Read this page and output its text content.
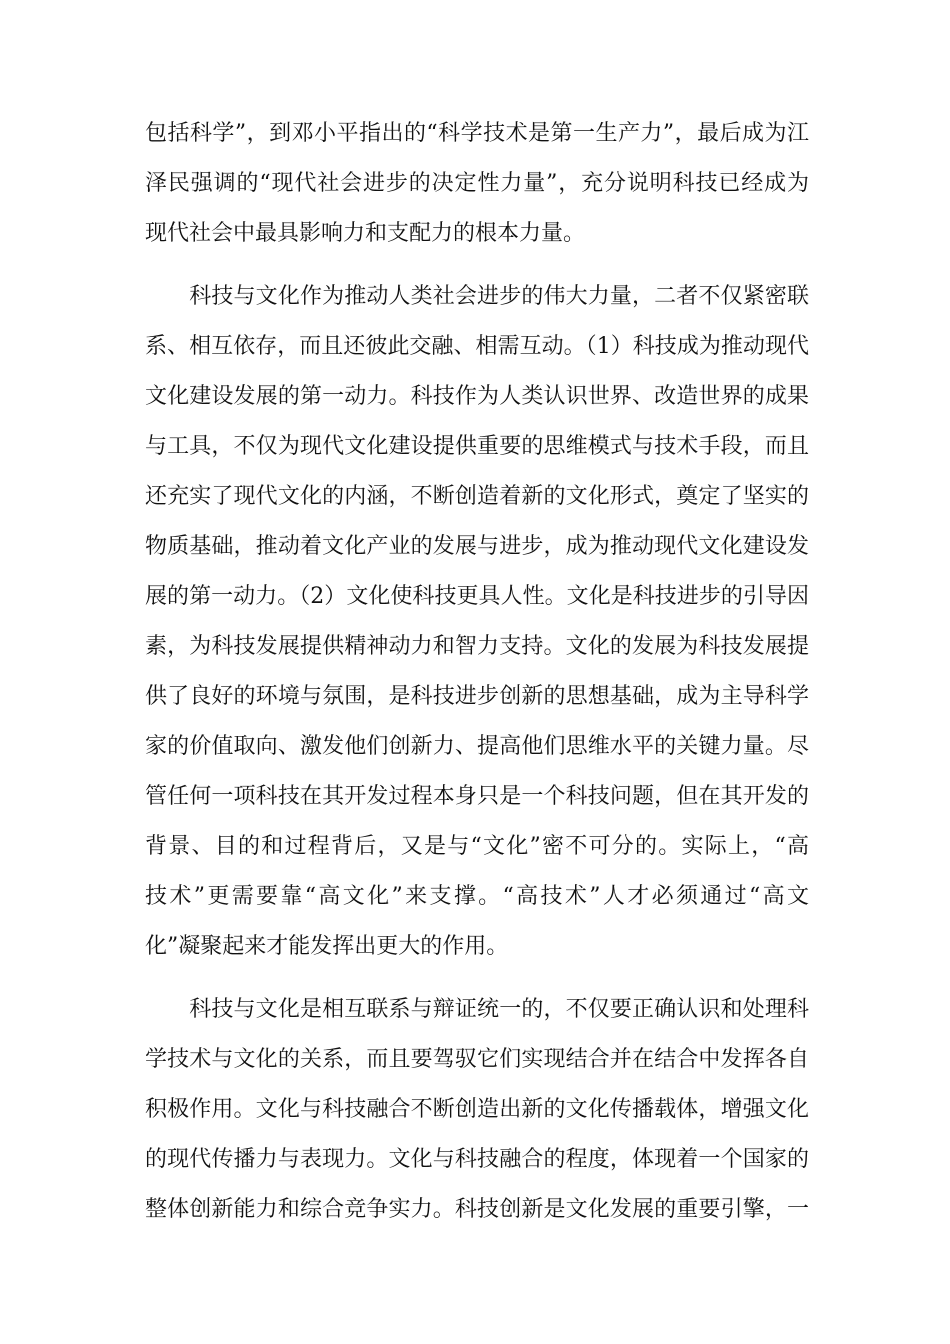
包括科学”，到邓小平指出的“科学技术是第一生产力”，最后成为江
泽民强调的“现代社会进步的决定性力量”，充分说明科技已经成为
现代社会中最具影响力和支配力的根本力量。
　　科技与文化作为推动人类社会进步的伟大力量，二者不仅紧密联
系、相互依存，而且还彼此交融、相需互动。（1）科技成为推动现代
文化建设发展的第一动力。科技作为人类认识世界、改造世界的成果
与工具，不仅为现代文化建设提供重要的思维模式与技术手段，而且
还充实了现代文化的内涵，不断创造着新的文化形式，奠定了坚实的
物质基础，推动着文化产业的发展与进步，成为推动现代文化建设发
展的第一动力。（2）文化使科技更具人性。文化是科技进步的引导因
素，为科技发展提供精神动力和智力支持。文化的发展为科技发展提
供了良好的环境与氛围，是科技进步创新的思想基础，成为主导科学
家的价值取向、激发他们创新力、提高他们思维水平的关键力量。尽
管任何一项科技在其开发过程本身只是一个科技问题，但在其开发的
背景、目的和过程背后，又是与“文化”密不可分的。实际上，“高
技术”更需要靠“高文化”来支撑。“高技术”人才必须通过“高文
化”凝聚起来才能发挥出更大的作用。
　　科技与文化是相互联系与辩证统一的，不仅要正确认识和处理科
学技术与文化的关系，而且要驾驭它们实现结合并在结合中发挥各自
积极作用。文化与科技融合不断创造出新的文化传播载体，增强文化
的现代传播力与表现力。文化与科技融合的程度，体现着一个国家的
整体创新能力和综合竞争实力。科技创新是文化发展的重要引擎，一
